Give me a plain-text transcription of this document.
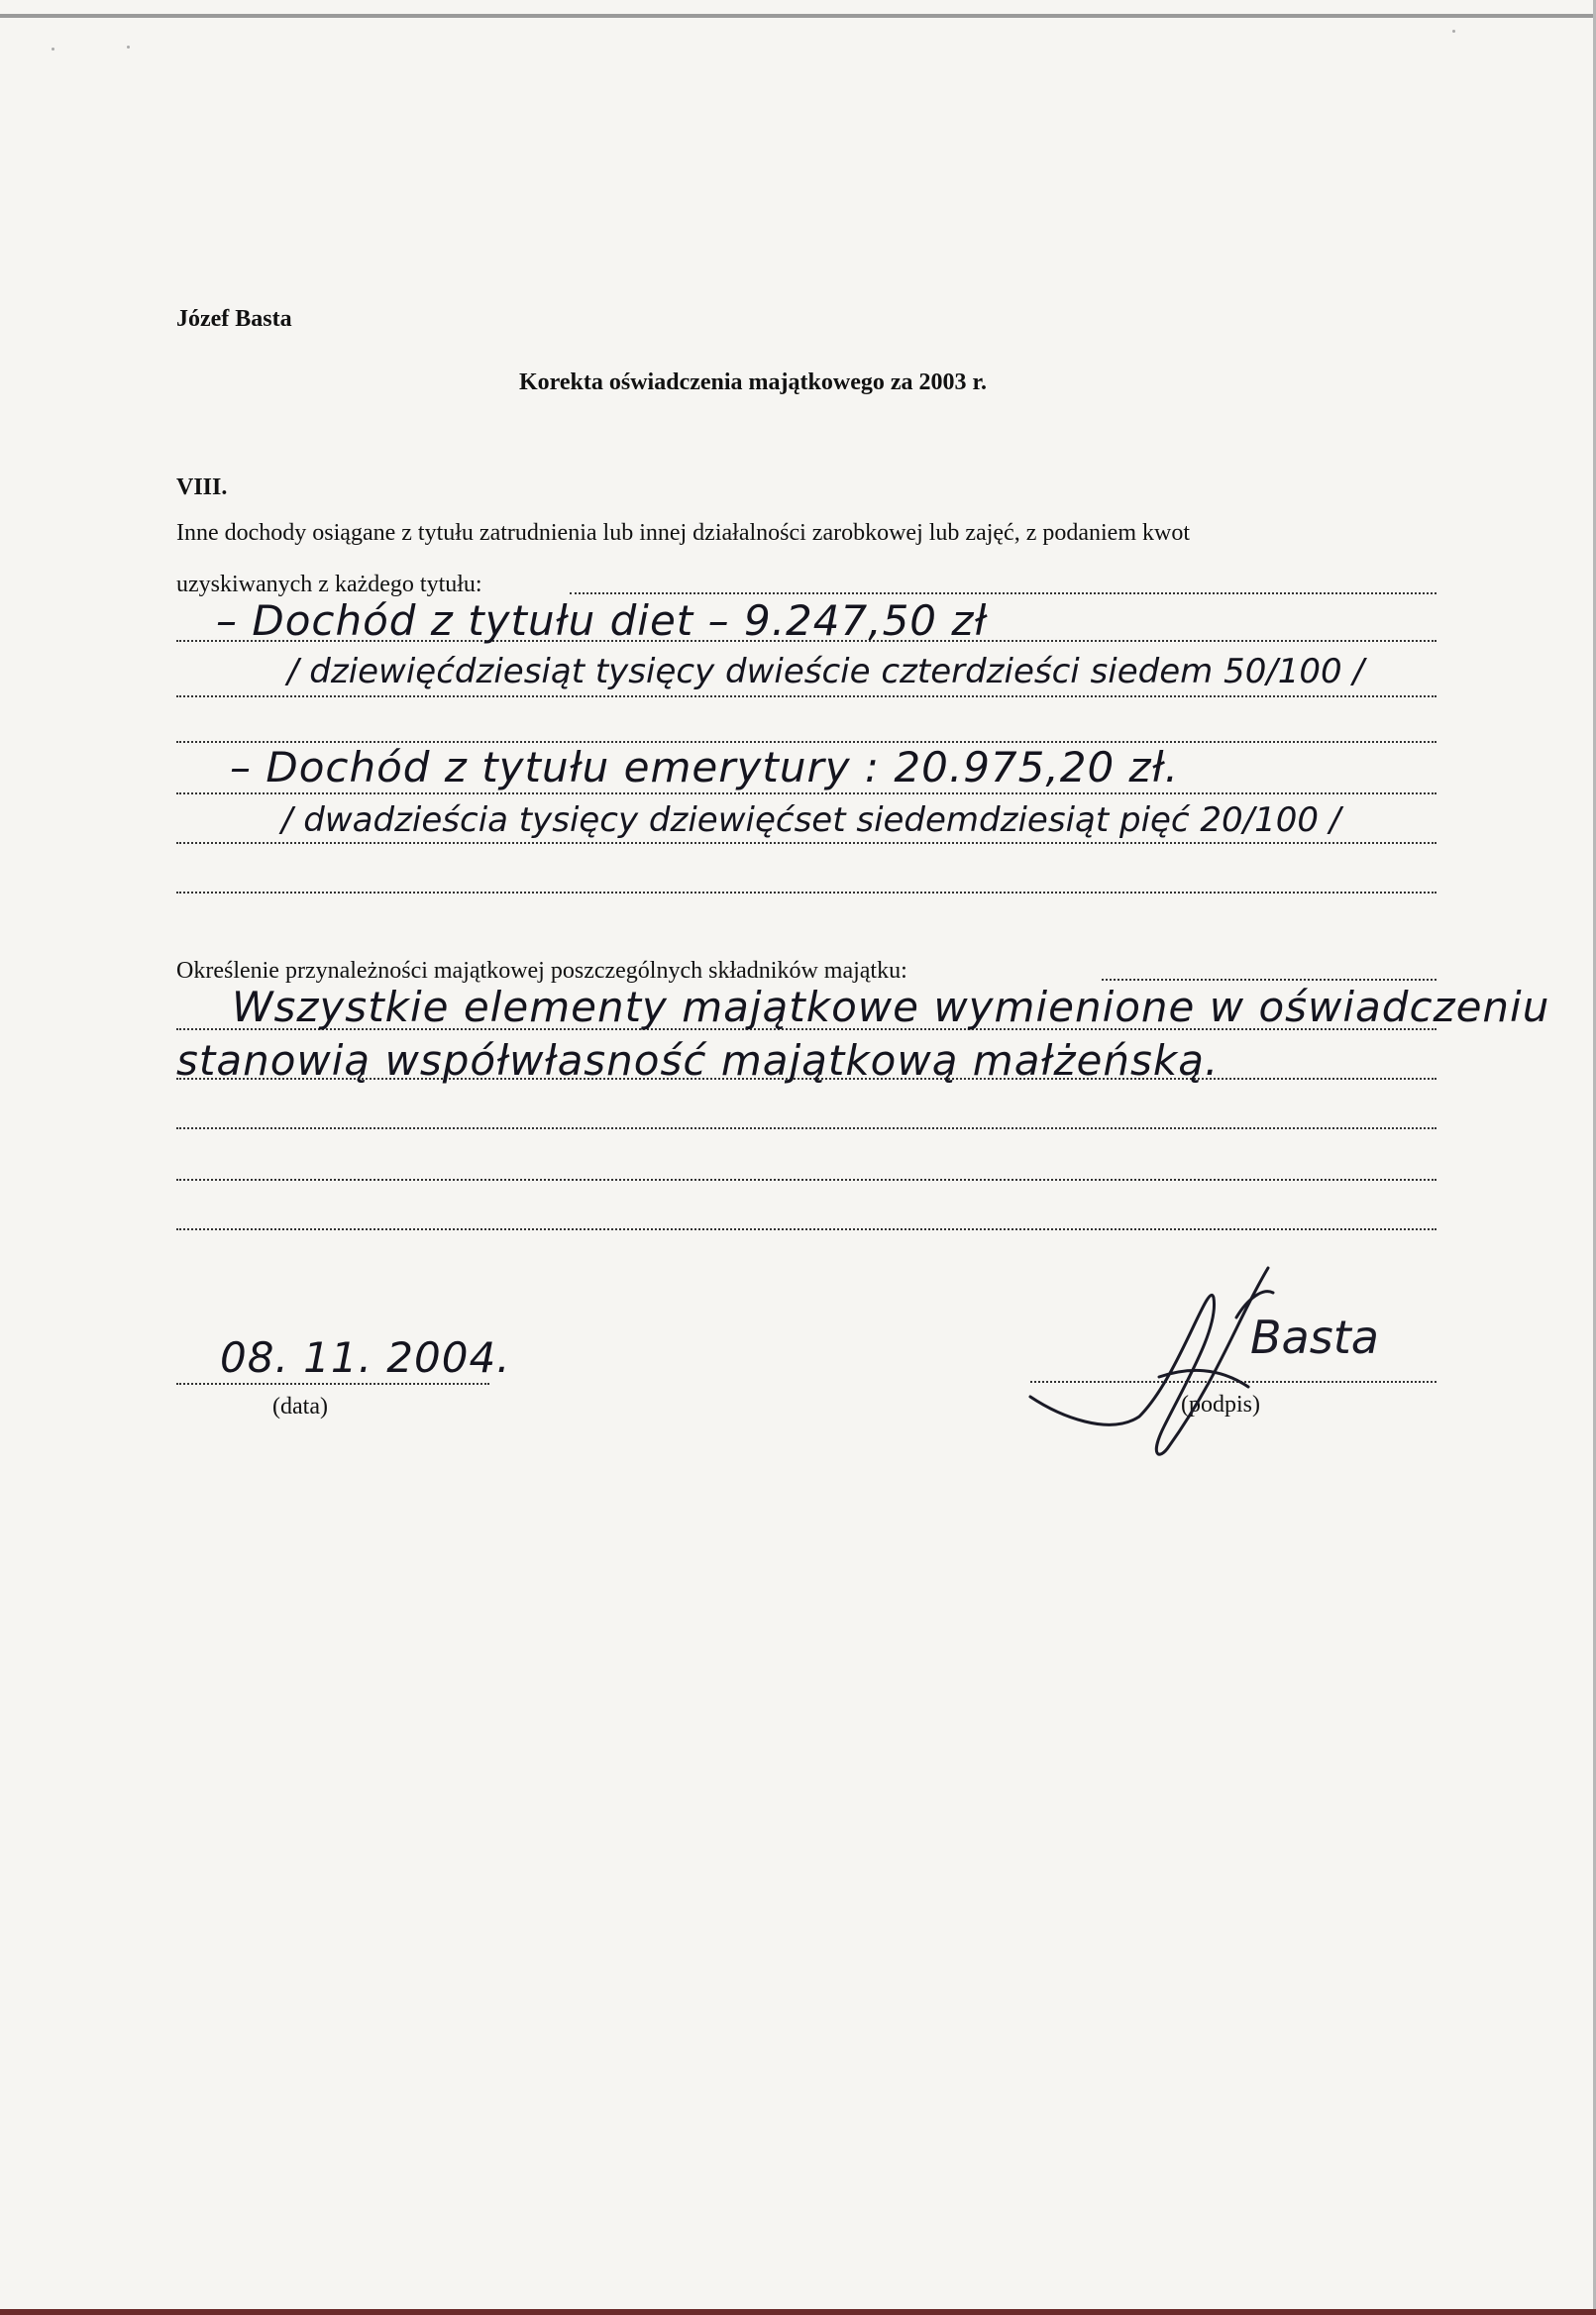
Józef Basta
Korekta oświadczenia majątkowego za 2003 r.
VIII.
Inne dochody osiągane z tytułu zatrudnienia lub innej działalności zarobkowej lub zajęć, z podaniem kwot
uzyskiwanych z każdego tytułu:
– Dochód z tytułu diet – 9.247,50 zł
/ dziewięćdziesiąt tysięcy dwieście czterdzieści siedem 50/100 /
– Dochód z tytułu emerytury : 20.975,20 zł.
/ dwadzieścia tysięcy dziewięćset siedemdziesiąt pięć 20/100 /
Określenie przynależności majątkowej poszczególnych składników majątku:
Wszystkie elementy majątkowe wymienione w oświadczeniu
stanowią współwłasność majątkową małżeńską.
08. 11. 2004.
(data)	(podpis)
Basta
